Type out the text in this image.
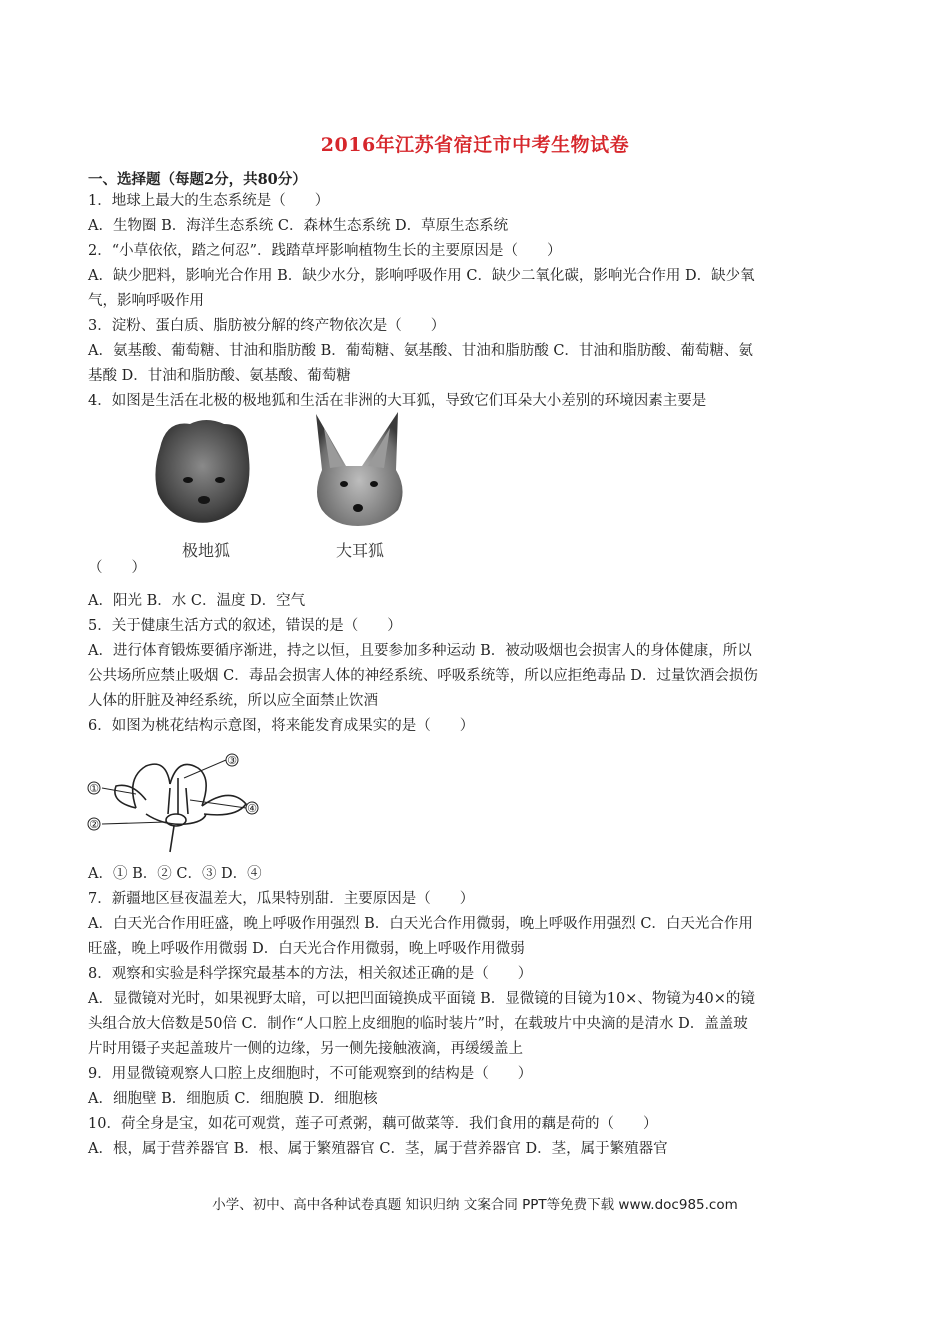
2016年江苏省宿迁市中考生物试卷
一、选择题（每题2分，共80分）
1．地球上最大的生态系统是（　　）
A．生物圈 B．海洋生态系统 C．森林生态系统 D．草原生态系统
2．“小草依依，踏之何忍”．践踏草坪影响植物生长的主要原因是（　　）
A．缺少肥料，影响光合作用 B．缺少水分，影响呼吸作用 C．缺少二氧化碳，影响光合作用 D．缺少氧
气，影响呼吸作用
3．淀粉、蛋白质、脂肪被分解的终产物依次是（　　）
A．氨基酸、葡萄糖、甘油和脂肪酸 B．葡萄糖、氨基酸、甘油和脂肪酸 C．甘油和脂肪酸、葡萄糖、氨
基酸 D．甘油和脂肪酸、氨基酸、葡萄糖
4．如图是生活在北极的极地狐和生活在非洲的大耳狐，导致它们耳朵大小差别的环境因素主要是
极地狐	大耳狐
（　　）
A．阳光 B．水 C．温度 D．空气
5．关于健康生活方式的叙述，错误的是（　　）
A．进行体育锻炼要循序渐进，持之以恒，且要参加多种运动 B．被动吸烟也会损害人的身体健康，所以
公共场所应禁止吸烟 C．毒品会损害人体的神经系统、呼吸系统等，所以应拒绝毒品 D．过量饮酒会损伤
人体的肝脏及神经系统，所以应全面禁止饮酒
6．如图为桃花结构示意图，将来能发育成果实的是（　　）
①
②
③
④
A．① B．② C．③ D．④
7．新疆地区昼夜温差大，瓜果特别甜．主要原因是（　　）
A．白天光合作用旺盛，晚上呼吸作用强烈 B．白天光合作用微弱，晚上呼吸作用强烈 C．白天光合作用
旺盛，晚上呼吸作用微弱 D．白天光合作用微弱，晚上呼吸作用微弱
8．观察和实验是科学探究最基本的方法，相关叙述正确的是（　　）
A．显微镜对光时，如果视野太暗，可以把凹面镜换成平面镜 B．显微镜的目镜为10×、物镜为40×的镜
头组合放大倍数是50倍 C．制作“人口腔上皮细胞的临时装片”时，在载玻片中央滴的是清水 D．盖盖玻
片时用镊子夹起盖玻片一侧的边缘，另一侧先接触液滴，再缓缓盖上
9．用显微镜观察人口腔上皮细胞时，不可能观察到的结构是（　　）
A．细胞壁 B．细胞质 C．细胞膜 D．细胞核
10．荷全身是宝，如花可观赏，莲子可煮粥，藕可做菜等．我们食用的藕是荷的（　　）
A．根，属于营养器官 B．根、属于繁殖器官 C．茎，属于营养器官 D．茎，属于繁殖器官
小学、初中、高中各种试卷真题 知识归纳 文案合同 PPT等免费下载 www.doc985.com
